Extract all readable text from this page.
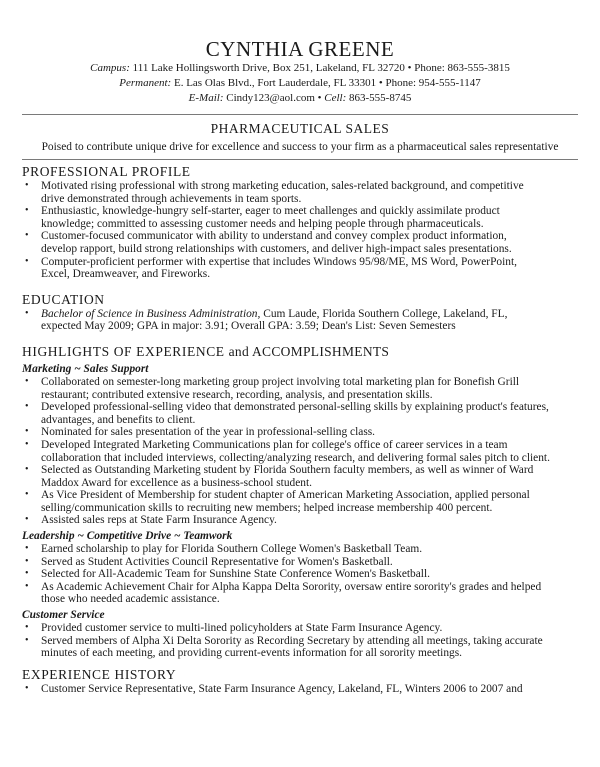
CYNTHIA GREENE
Campus: 111 Lake Hollingsworth Drive, Box 251, Lakeland, FL 32720 • Phone: 863-555-3815
Permanent: E. Las Olas Blvd., Fort Lauderdale, FL 33301 • Phone: 954-555-1147
E-Mail: Cindy123@aol.com • Cell: 863-555-8745
PHARMACEUTICAL SALES
Poised to contribute unique drive for excellence and success to your firm as a pharmaceutical sales representative
PROFESSIONAL PROFILE
• Motivated rising professional with strong marketing education, sales-related background, and competitive
drive demonstrated through achievements in team sports.
• Enthusiastic, knowledge-hungry self-starter, eager to meet challenges and quickly assimilate product
knowledge; committed to assessing customer needs and helping people through pharmaceuticals.
• Customer-focused communicator with ability to understand and convey complex product information,
develop rapport, build strong relationships with customers, and deliver high-impact sales presentations.
• Computer-proficient performer with expertise that includes Windows 95/98/ME, MS Word, PowerPoint,
Excel, Dreamweaver, and Fireworks.
EDUCATION
• Bachelor of Science in Business Administration, Cum Laude, Florida Southern College, Lakeland, FL,
expected May 2009; GPA in major: 3.91; Overall GPA: 3.59; Dean's List: Seven Semesters
HIGHLIGHTS OF EXPERIENCE and ACCOMPLISHMENTS
Marketing ~ Sales Support
• Collaborated on semester-long marketing group project involving total marketing plan for Bonefish Grill
restaurant; contributed extensive research, recording, analysis, and presentation skills.
• Developed professional-selling video that demonstrated personal-selling skills by explaining product's features,
advantages, and benefits to client.
• Nominated for sales presentation of the year in professional-selling class.
• Developed Integrated Marketing Communications plan for college's office of career services in a team
collaboration that included interviews, collecting/analyzing research, and delivering formal sales pitch to client.
• Selected as Outstanding Marketing student by Florida Southern faculty members, as well as winner of Ward
Maddox Award for excellence as a business-school student.
• As Vice President of Membership for student chapter of American Marketing Association, applied personal
selling/communication skills to recruiting new members; helped increase membership 400 percent.
• Assisted sales reps at State Farm Insurance Agency.
Leadership ~ Competitive Drive ~ Teamwork
• Earned scholarship to play for Florida Southern College Women's Basketball Team.
• Served as Student Activities Council Representative for Women's Basketball.
• Selected for All-Academic Team for Sunshine State Conference Women's Basketball.
• As Academic Achievement Chair for Alpha Kappa Delta Sorority, oversaw entire sorority's grades and helped
those who needed academic assistance.
Customer Service
• Provided customer service to multi-lined policyholders at State Farm Insurance Agency.
• Served members of Alpha Xi Delta Sorority as Recording Secretary by attending all meetings, taking accurate
minutes of each meeting, and providing current-events information for all sorority meetings.
EXPERIENCE HISTORY
• Customer Service Representative, State Farm Insurance Agency, Lakeland, FL, Winters 2006 to 2007 and
